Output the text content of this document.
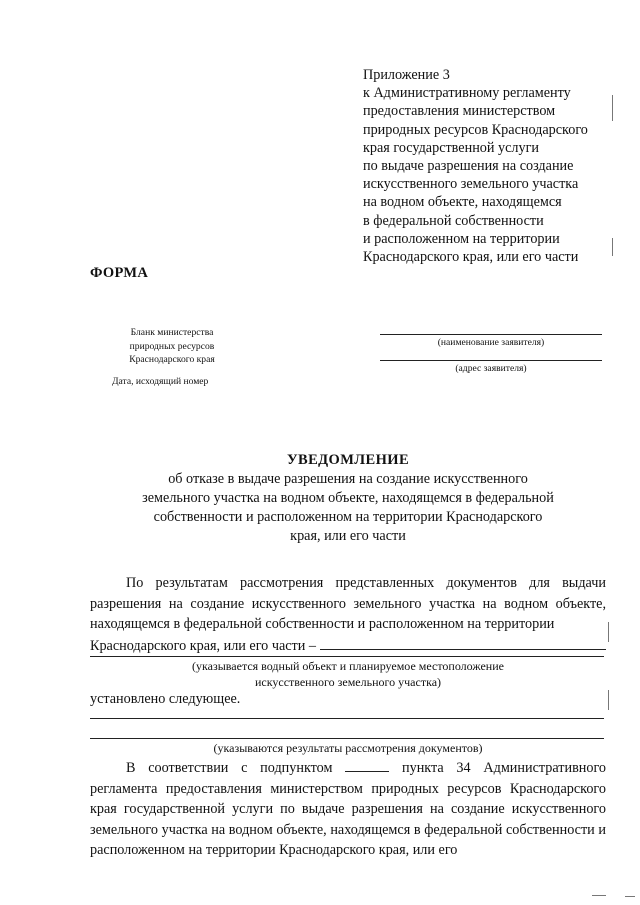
Приложение 3
к Административному регламенту
предоставления министерством
природных ресурсов Краснодарского
края государственной услуги
по выдаче разрешения на создание
искусственного земельного участка
на водном объекте, находящемся
в федеральной собственности
и расположенном на территории
Краснодарского края, или его части
ФОРМА
Бланк министерства
природных ресурсов
Краснодарского края
Дата, исходящий номер
(наименование заявителя)
(адрес заявителя)
УВЕДОМЛЕНИЕ
об отказе в выдаче разрешения на создание искусственного
земельного участка на водном объекте, находящемся в федеральной
собственности и расположенном на территории Краснодарского
края, или его части
По результатам рассмотрения представленных документов для выдачи разрешения на создание искусственного земельного участка на водном объекте, находящемся в федеральной собственности и расположенном на территории
Краснодарского края, или его части –
(указывается водный объект и планируемое местоположение
искусственного земельного участка)
установлено следующее.
(указываются результаты рассмотрения документов)
В соответствии с подпунктом	пункта 34 Административного регламента предоставления министерством природных ресурсов Краснодарского края государственной услуги по выдаче разрешения на создание искусственного земельного участка на водном объекте, находящемся в федеральной собственности и расположенном на территории Краснодарского края, или его
